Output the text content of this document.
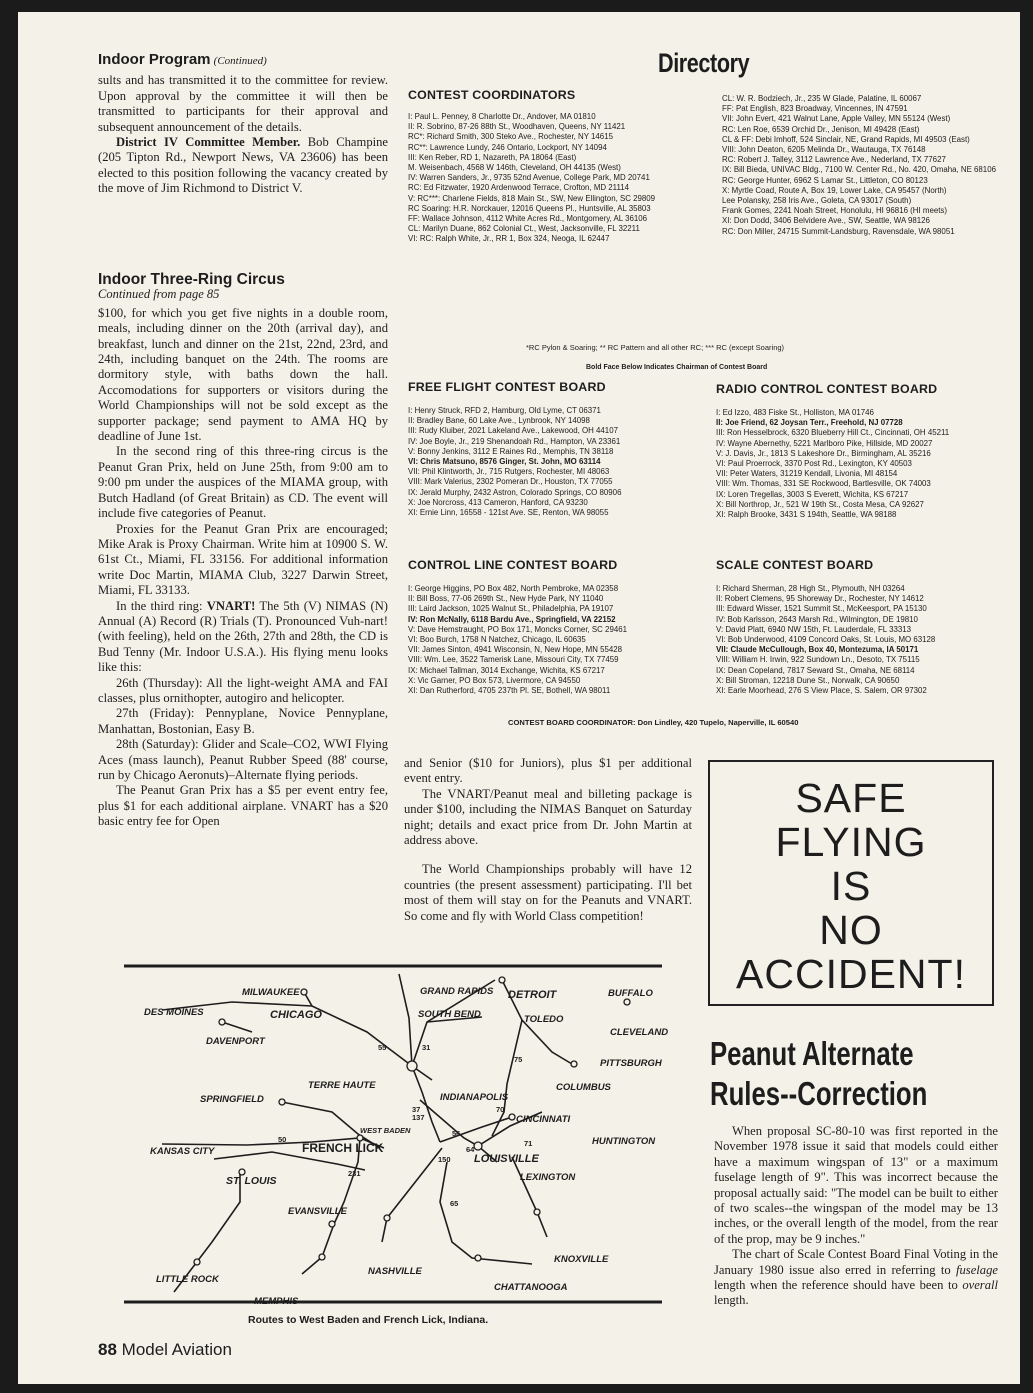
Indoor Program (Continued)

sults and has transmitted it to the committee for review. Upon approval by the committee it will then be transmitted to participants for their approval and subsequent announcement of the details.

District IV Committee Member. Bob Champine (205 Tipton Rd., Newport News, VA 23606) has been elected to this position following the vacancy created by the move of Jim Richmond to District V.

Indoor Three-Ring Circus
Continued from page 85

$100, for which you get five nights in a double room, meals, including dinner on the 20th (arrival day), and breakfast, lunch and dinner on the 21st, 22nd, 23rd, and 24th, including banquet on the 24th. The rooms are dormitory style, with baths down the hall. Accomodations for supporters or visitors during the World Championships will not be sold except as the supporter package; send payment to AMA HQ by deadline of June 1st.

In the second ring of this three-ring circus is the Peanut Gran Prix, held on June 25th, from 9:00 am to 9:00 pm under the auspices of the MIAMA group, with Butch Hadland (of Great Britain) as CD. The event will include five categories of Peanut.

Proxies for the Peanut Gran Prix are encouraged; Mike Arak is Proxy Chairman. Write him at 10900 S. W. 61st Ct., Miami, FL 33156. For additional information write Doc Martin, MIAMA Club, 3227 Darwin Street, Miami, FL 33133.

In the third ring: VNART! The 5th (V) NIMAS (N) Annual (A) Record (R) Trials (T). Pronounced Vuh-nart! (with feeling), held on the 26th, 27th and 28th, the CD is Bud Tenny (Mr. Indoor U.S.A.). His flying menu looks like this:

26th (Thursday): All the light-weight AMA and FAI classes, plus ornithopter, autogiro and helicopter.

27th (Friday): Pennyplane, Novice Pennyplane, Manhattan, Bostonian, Easy B.

28th (Saturday): Glider and Scale–CO2, WWI Flying Aces (mass launch), Peanut Rubber Speed (88' course, run by Chicago Aeronuts)–Alternate flying periods.

The Peanut Gran Prix has a $5 per event entry fee, plus $1 for each additional airplane. VNART has a $20 basic entry fee for Open

and Senior ($10 for Juniors), plus $1 per additional event entry.

The VNART/Peanut meal and billeting package is under $100, including the NIMAS Banquet on Saturday night; details and exact price from Dr. John Martin at address above.

The World Championships probably will have 12 countries (the present assessment) participating. I'll bet most of them will stay on for the Peanuts and VNART. So come and fly with World Class competition!

Directory
CONTEST COORDINATORS
I: Paul L. Penney, 8 Charlotte Dr., Andover, MA 01810
II: R. Sobrino, 87-26 88th St., Woodhaven, Queens, NY 11421
RC*: Richard Smith, 300 Steko Ave., Rochester, NY 14615
RC**: Lawrence Lundy, 246 Ontario, Lockport, NY 14094
III: Ken Reber, RD 1, Nazareth, PA 18064 (East)
M. Weisenbach, 4568 W 146th, Cleveland, OH 44135 (West)
IV: Warren Sanders, Jr., 9735 52nd Avenue, College Park, MD 20741
RC: Ed Fitzwater, 1920 Ardenwood Terrace, Crofton, MD 21114
V: RC***: Charlene Fields, 818 Main St., SW, New Ellington, SC 29809
RC Soaring: H.R. Norckauer, 12016 Queens Pl., Huntsville, AL 35803
FF: Wallace Johnson, 4112 White Acres Rd., Montgomery, AL 36106
CL: Marilyn Duane, 862 Colonial Ct., West, Jacksonville, FL 32211
VI: RC: Ralph White, Jr., RR 1, Box 324, Neoga, IL 62447
CL: W. R. Bodziech, Jr., 235 W Glade, Palatine, IL 60067
FF: Pat English, 823 Broadway, Vincennes, IN 47591
VII: John Evert, 421 Walnut Lane, Apple Valley, MN 55124 (West)
RC: Len Roe, 6539 Orchid Dr., Jenison, MI 49428 (East)
CL & FF: Debi Imhoff, 524 Sinclair, NE, Grand Rapids, MI 49503 (East)
VIII: John Deaton, 6205 Melinda Dr., Wautauga, TX 76148
RC: Robert J. Talley, 3112 Lawrence Ave., Nederland, TX 77627
IX: Bill Bieda, UNIVAC Bldg., 7100 W. Center Rd., No. 420, Omaha, NE 68106
RC: George Hunter, 6962 S Lamar St., Littleton, CO 80123
X: Myrtle Coad, Route A, Box 19, Lower Lake, CA 95457 (North)
Lee Polansky, 258 Iris Ave., Goleta, CA 93017 (South)
Frank Gomes, 2241 Noah Street, Honolulu, HI 96816 (HI meets)
XI: Don Dodd, 3406 Belvidere Ave., SW, Seattle, WA 98126
RC: Don Miller, 24715 Summit-Landsburg, Ravensdale, WA 98051
*RC Pylon & Soaring; ** RC Pattern and all other RC; *** RC (except Soaring)
Bold Face Below Indicates Chairman of Contest Board
FREE FLIGHT CONTEST BOARD
I: Henry Struck, RFD 2, Hamburg, Old Lyme, CT 06371
II: Bradley Bane, 60 Lake Ave., Lynbrook, NY 14098
III: Rudy Kluiber, 2021 Lakeland Ave., Lakewood, OH 44107
IV: Joe Boyle, Jr., 219 Shenandoah Rd., Hampton, VA 23361
V: Bonny Jenkins, 3112 E Raines Rd., Memphis, TN 38118
VI: Chris Matsuno, 8576 Ginger, St. John, MO 63114
VII: Phil Klintworth, Jr., 715 Rutgers, Rochester, MI 48063
VIII: Mark Valerius, 2302 Pomeran Dr., Houston, TX 77055
IX: Jerald Murphy, 2432 Astron, Colorado Springs, CO 80906
X: Joe Norcross, 413 Cameron, Hanford, CA 93230
XI: Ernie Linn, 16558 - 121st Ave. SE, Renton, WA 98055
RADIO CONTROL CONTEST BOARD
I: Ed Izzo, 483 Fiske St., Holliston, MA 01746
II: Joe Friend, 62 Joysan Terr., Freehold, NJ 07728
III: Ron Hesselbrock, 6320 Blueberry Hill Ct., Cincinnati, OH 45211
IV: Wayne Abernethy, 5221 Marlboro Pike, Hillside, MD 20027
V: J. Davis, Jr., 1813 S Lakeshore Dr., Birmingham, AL 35216
VI: Paul Proerrock, 3370 Post Rd., Lexington, KY 40503
VII: Peter Waters, 31219 Kendall, Livonia, MI 48154
VIII: Wm. Thomas, 331 SE Rockwood, Bartlesville, OK 74003
IX: Loren Tregellas, 3003 S Everett, Wichita, KS 67217
X: Bill Northrop, Jr., 521 W 19th St., Costa Mesa, CA 92627
XI: Ralph Brooke, 3431 S 194th, Seattle, WA 98188
CONTROL LINE CONTEST BOARD
I: George Higgins, PO Box 482, North Pembroke, MA 02358
II: Bill Boss, 77-06 269th St., New Hyde Park, NY 11040
III: Laird Jackson, 1025 Walnut St., Philadelphia, PA 19107
IV: Ron McNally, 6118 Bardu Ave., Springfield, VA 22152
V: Dave Hemstraught, PO Box 171, Moncks Corner, SC 29461
VI: Boo Burch, 1758 N Natchez, Chicago, IL 60635
VII: James Sinton, 4941 Wisconsin, N, New Hope, MN 55428
VIII: Wm. Lee, 3522 Tamerisk Lane, Missouri City, TX 77459
IX: Michael Tallman, 3014 Exchange, Wichita, KS 67217
X: Vic Garner, PO Box 573, Livermore, CA 94550
XI: Dan Rutherford, 4705 237th Pl. SE, Bothell, WA 98011
SCALE CONTEST BOARD
I: Richard Sherman, 28 High St., Plymouth, NH 03264
II: Robert Clemens, 95 Shoreway Dr., Rochester, NY 14612
III: Edward Wisser, 1521 Summit St., McKeesport, PA 15130
IV: Bob Karlsson, 2643 Marsh Rd., Wilmington, DE 19810
V: David Platt, 6940 NW 15th, Ft. Lauderdale, FL 33313
VI: Bob Underwood, 4109 Concord Oaks, St. Louis, MO 63128
VII: Claude McCullough, Box 40, Montezuma, IA 50171
VIII: William H. Irwin, 922 Sundown Ln., Desoto, TX 75115
IX: Dean Copeland, 7817 Seward St., Omaha, NE 68114
X: Bill Stroman, 12218 Dune St., Norwalk, CA 90650
XI: Earle Moorhead, 276 S View Place, S. Salem, OR 97302
CONTEST BOARD COORDINATOR: Don Lindley, 420 Tupelo, Naperville, IL 60540
SAFE
FLYING
IS
NO
ACCIDENT!
Peanut Alternate
Rules--Correction

When proposal SC-80-10 was first reported in the November 1978 issue it said that models could either have a maximum wingspan of 13" or a maximum fuselage length of 9". This was incorrect because the proposal actually said: "The model can be built to either of two scales--the wingspan of the model may be 13 inches, or the overall length of the model, from the rear of the prop, may be 9 inches."

The chart of Scale Contest Board Final Voting in the January 1980 issue also erred in referring to fuselage length when the reference should have been to overall length.

MILWAUKEE	GRAND RAPIDS DETROIT	BUFFALO
DES MOINES	CHICAGO	SOUTH BEND	TOLEDO
DAVENPORT
CLEVELAND
PITTSBURGH
TERRE HAUTE	COLUMBUS
SPRINGFIELD	INDIANAPOLIS
CINCINNATI
WEST BADEN
FRENCH LICK	HUNTINGTON
KANSAS CITY
LOUISVILLE
ST. LOUIS	LEXINGTON
EVANSVILLE
KNOXVILLE
NASHVILLE
LITTLE ROCK
CHATTANOOGA
MEMPHIS
55	31
75
70
37
137
50
56
64
150
231
65
71
Routes to West Baden and French Lick, Indiana.
88 Model Aviation
